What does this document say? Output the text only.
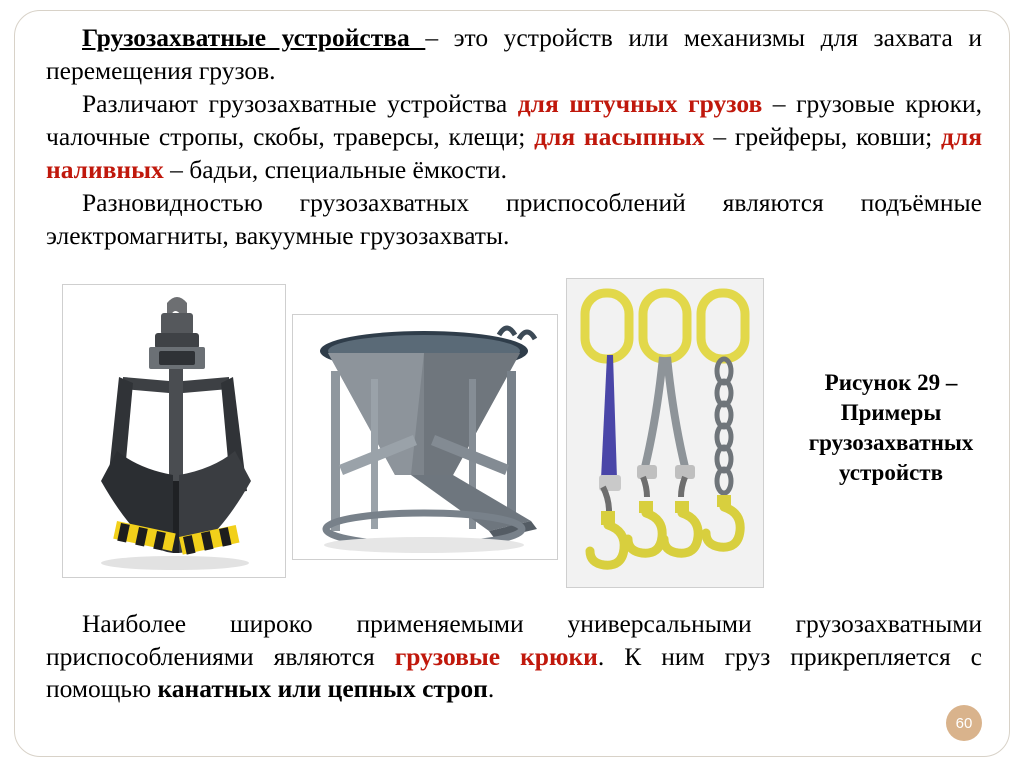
Грузозахватные устройства – это устройств или механизмы для захвата и перемещения грузов.

Различают грузозахватные устройства для штучных грузов – грузовые крюки, чалочные стропы, скобы, траверсы, клещи; для насыпных – грейферы, ковши; для наливных – бадьи, специальные ёмкости.

Разновидностью грузозахватных приспособлений являются подъёмные электромагниты, вакуумные грузозахваты.

Рисунок 29 – Примеры грузозахватных устройств

Наиболее широко применяемыми универсальными грузозахватными приспособлениями являются грузовые крюки. К ним груз прикрепляется с помощью канатных или цепных строп.

60
